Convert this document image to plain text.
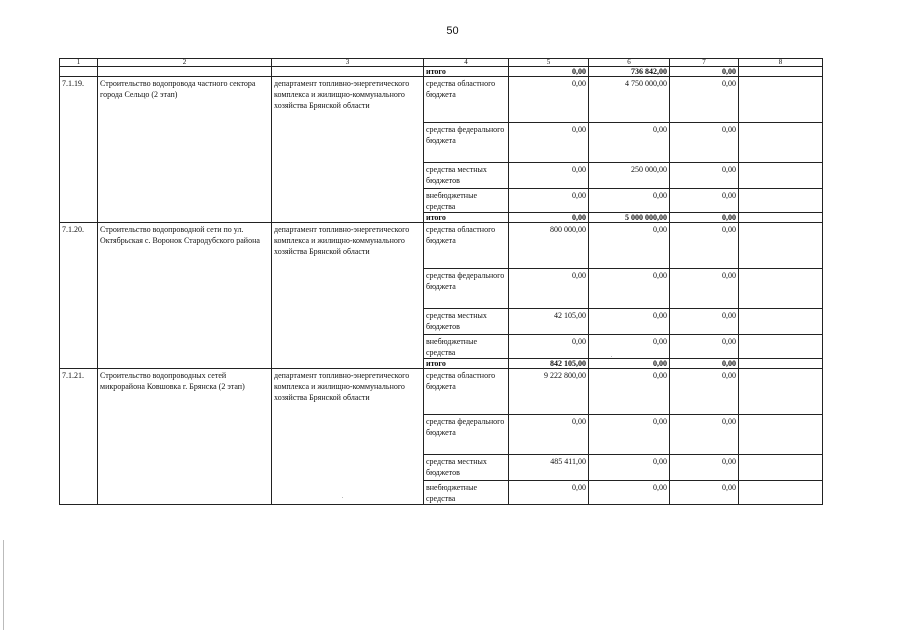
50
1	2	3	4	5	6	7	8
			итого	0,00	736 842,00	0,00	
7.1.19.	Строительство водопровода частного сектора города Сельцо (2 этап)	департамент топливно-энергетического комплекса и жилищно-коммунального хозяйства Брянской области	средства областного бюджета	0,00	4 750 000,00	0,00	
			средства федерального бюджета	0,00	0,00	0,00	
			средства местных бюджетов	0,00	250 000,00	0,00	
			внебюджетные средства	0,00	0,00	0,00	
			итого	0,00	5 000 000,00	0,00	
7.1.20.	Строительство водопроводной сети по ул. Октябрьская с. Воронок Стародубского района	департамент топливно-энергетического комплекса и жилищно-коммунального хозяйства Брянской области	средства областного бюджета	800 000,00	0,00	0,00	
			средства федерального бюджета	0,00	0,00	0,00	
			средства местных бюджетов	42 105,00	0,00	0,00	
			внебюджетные средства	0,00	0,00	0,00	
			итого	842 105,00	0,00	0,00	
7.1.21.	Строительство водопроводных сетей микрорайона Ковшовка г. Брянска (2 этап)	департамент топливно-энергетического комплекса и жилищно-коммунального хозяйства Брянской области	средства областного бюджета	9 222 800,00	0,00	0,00	
			средства федерального бюджета	0,00	0,00	0,00	
			средства местных бюджетов	485 411,00	0,00	0,00	
			внебюджетные средства	0,00	0,00	0,00	
